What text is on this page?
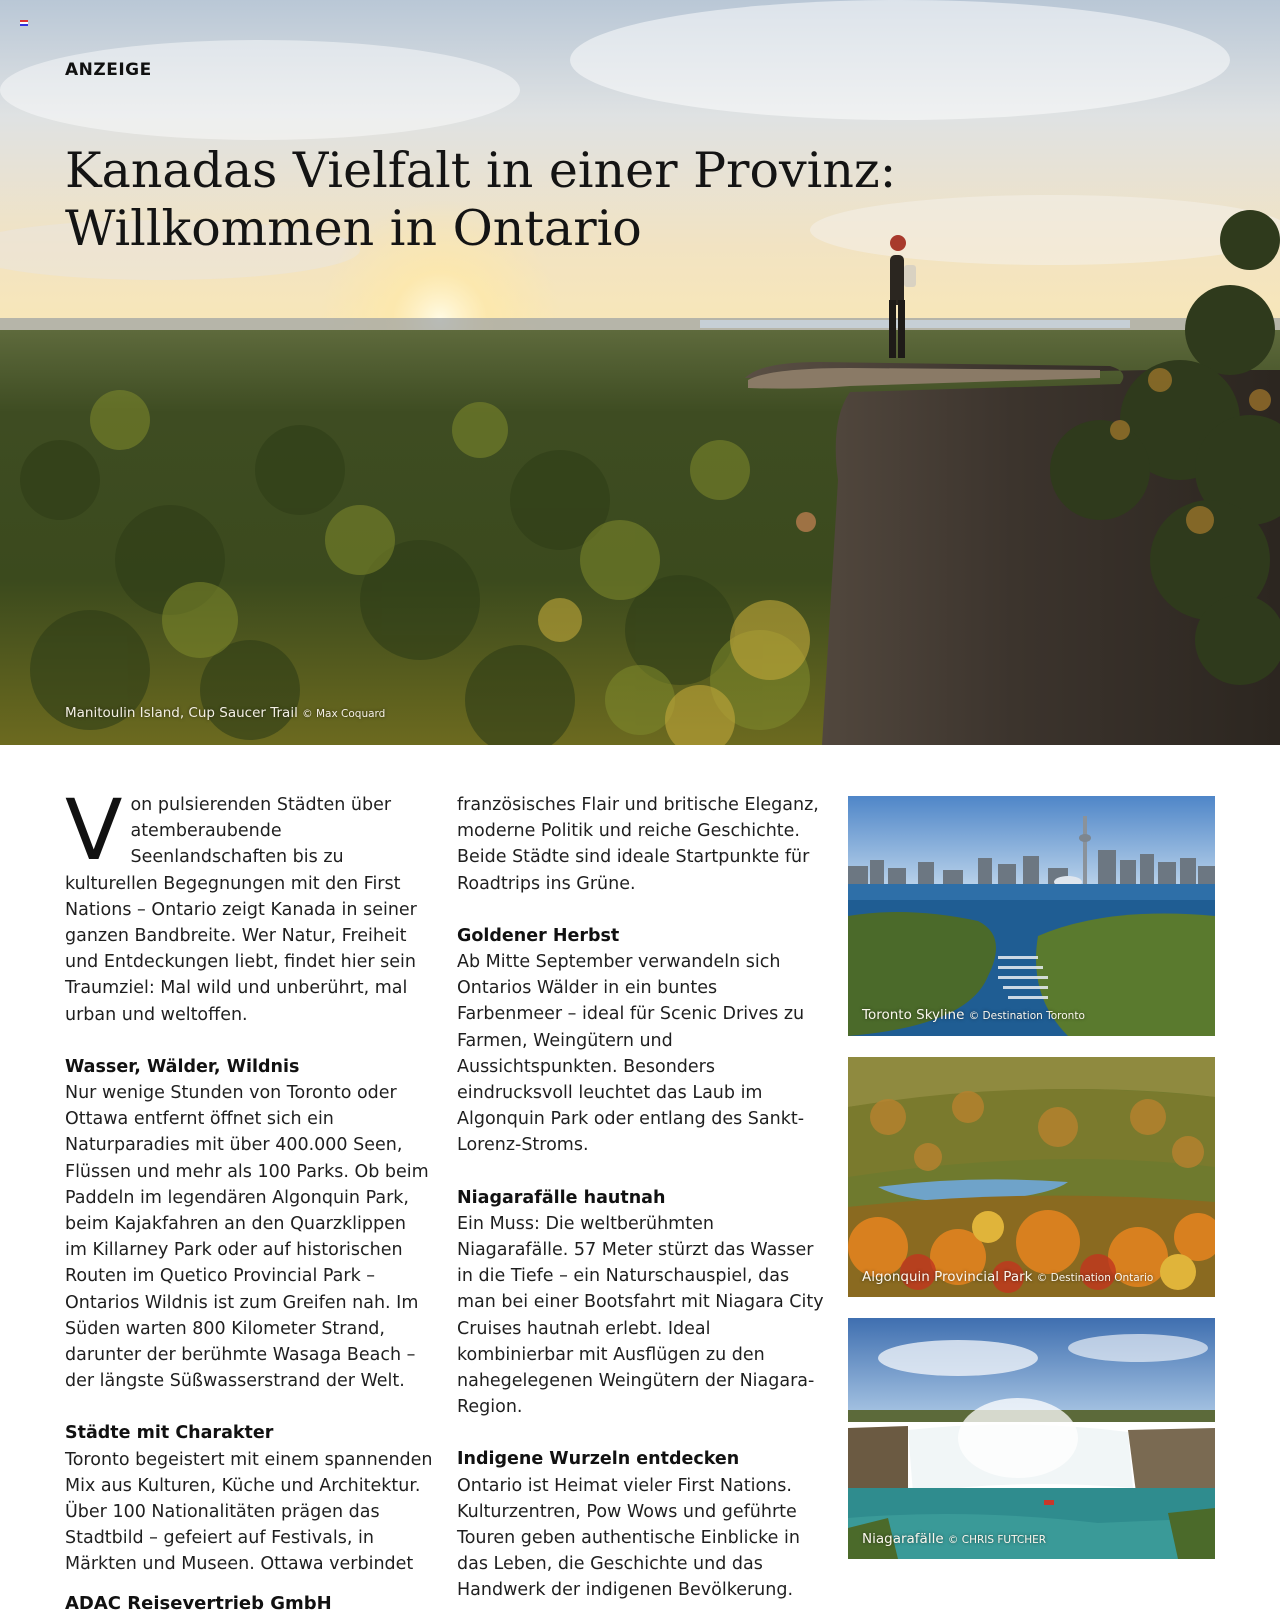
ANZEIGE
Kanadas Vielfalt in einer Provinz:
Willkommen in Ontario
Manitoulin Island, Cup Saucer Trail © Max Coquard

Von pulsierenden Städten über atemberaubende Seenlandschaften bis zu kulturellen Begegnungen mit den First Nations – Ontario zeigt Kanada in seiner ganzen Bandbreite. Wer Natur, Freiheit und Entdeckungen liebt, findet hier sein Traumziel: Mal wild und unberührt, mal urban und weltoffen.

Wasser, Wälder, Wildnis

Nur wenige Stunden von Toronto oder Ottawa entfernt öffnet sich ein Naturparadies mit über 400.000 Seen, Flüssen und mehr als 100 Parks. Ob beim Paddeln im legendären Algonquin Park, beim Kajakfahren an den Quarzklippen im Killarney Park oder auf historischen Routen im Quetico Provincial Park – Ontarios Wildnis ist zum Greifen nah. Im Süden warten 800 Kilometer Strand, darunter der berühmte Wasaga Beach – der längste Süßwasserstrand der Welt.

Städte mit Charakter

Toronto begeistert mit einem spannenden Mix aus Kulturen, Küche und Architektur. Über 100 Nationalitäten prägen das Stadtbild – gefeiert auf Festivals, in Märkten und Museen. Ottawa verbindet

französisches Flair und britische Eleganz, moderne Politik und reiche Geschichte. Beide Städte sind ideale Startpunkte für Roadtrips ins Grüne.

Goldener Herbst

Ab Mitte September verwandeln sich Ontarios Wälder in ein buntes Farbenmeer – ideal für Scenic Drives zu Farmen, Weingütern und Aussichtspunkten. Besonders eindrucksvoll leuchtet das Laub im Algonquin Park oder entlang des Sankt-Lorenz-Stroms.

Niagarafälle hautnah

Ein Muss: Die weltberühmten Niagarafälle. 57 Meter stürzt das Wasser in die Tiefe – ein Naturschauspiel, das man bei einer Bootsfahrt mit Niagara City Cruises hautnah erlebt. Ideal kombinierbar mit Ausflügen zu den nahegelegenen Weingütern der Niagara-Region.

Indigene Wurzeln entdecken

Ontario ist Heimat vieler First Nations. Kulturzentren, Pow Wows und geführte Touren geben authentische Einblicke in das Leben, die Geschichte und das Handwerk der indigenen Bevölkerung.

Toronto Skyline © Destination Toronto
Algonquin Provincial Park © Destination Ontario
Niagarafälle © CHRIS FUTCHER
ADAC Reisevertrieb GmbH
